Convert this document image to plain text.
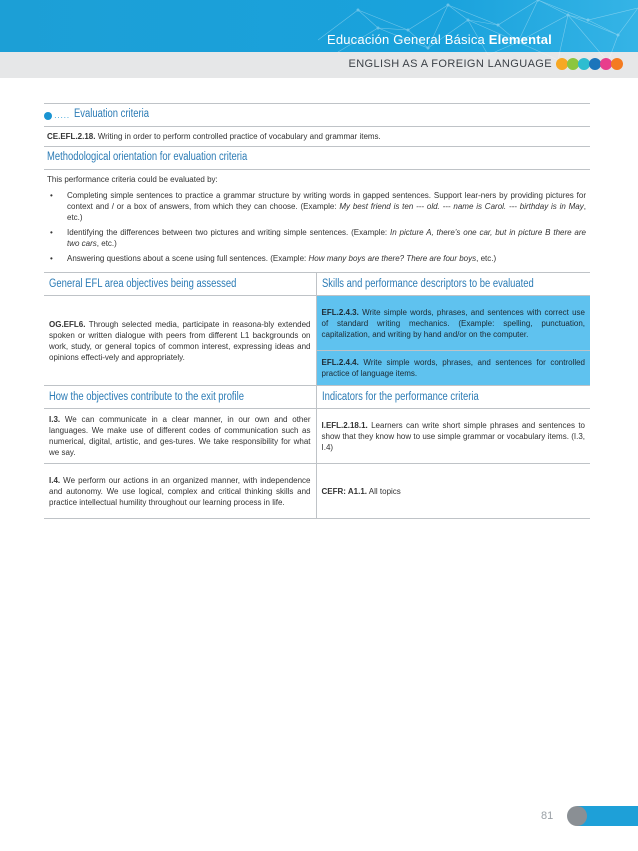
Educación General Básica Elemental
ENGLISH AS A FOREIGN LANGUAGE
····· Evaluation criteria
CE.EFL.2.18. Writing in order to perform controlled practice of vocabulary and grammar items.
Methodological orientation for evaluation criteria

This performance criteria could be evaluated by:

• Completing simple sentences to practice a grammar structure by writing words in gapped sentences. Support lear-ners by providing pictures for context and / or a box of answers, from which they can choose. (Example: My best friend is ten --- old. --- name is Carol. --- birthday is in May, etc.)
• Identifying the differences between two pictures and writing simple sentences. (Example: In picture A, there’s one car, but in picture B there are two cars, etc.)
• Answering questions about a scene using full sentences. (Example: How many boys are there? There are four boys, etc.)
General EFL area objectives being assessed	Skills and performance descriptors to be evaluated
OG.EFL6. Through selected media, participate in reasona-bly extended spoken or written dialogue with peers from different L1 backgrounds on work, study, or general topics of common interest, expressing ideas and opinions effecti-vely and appropriately.	EFL.2.4.3. Write simple words, phrases, and sentences with correct use of standard writing mechanics. (Example: spelling, punctuation, capitalization, and writing by hand and/or on the computer.
	EFL.2.4.4. Write simple words, phrases, and sentences for controlled practice of language items.
How the objectives contribute to the exit profile	Indicators for the performance criteria
I.3. We can communicate in a clear manner, in our own and other languages. We make use of different codes of communication such as numerical, digital, artistic, and ges-tures. We take responsibility for what we say.	I.EFL.2.18.1. Learners can write short simple phrases and sentences to show that they know how to use simple grammar or vocabulary items. (I.3, I.4)
I.4. We perform our actions in an organized manner, with independence and autonomy. We use logical, complex and critical thinking skills and practice intellectual humility throughout our learning process in life.	CEFR: A1.1. All topics
81
